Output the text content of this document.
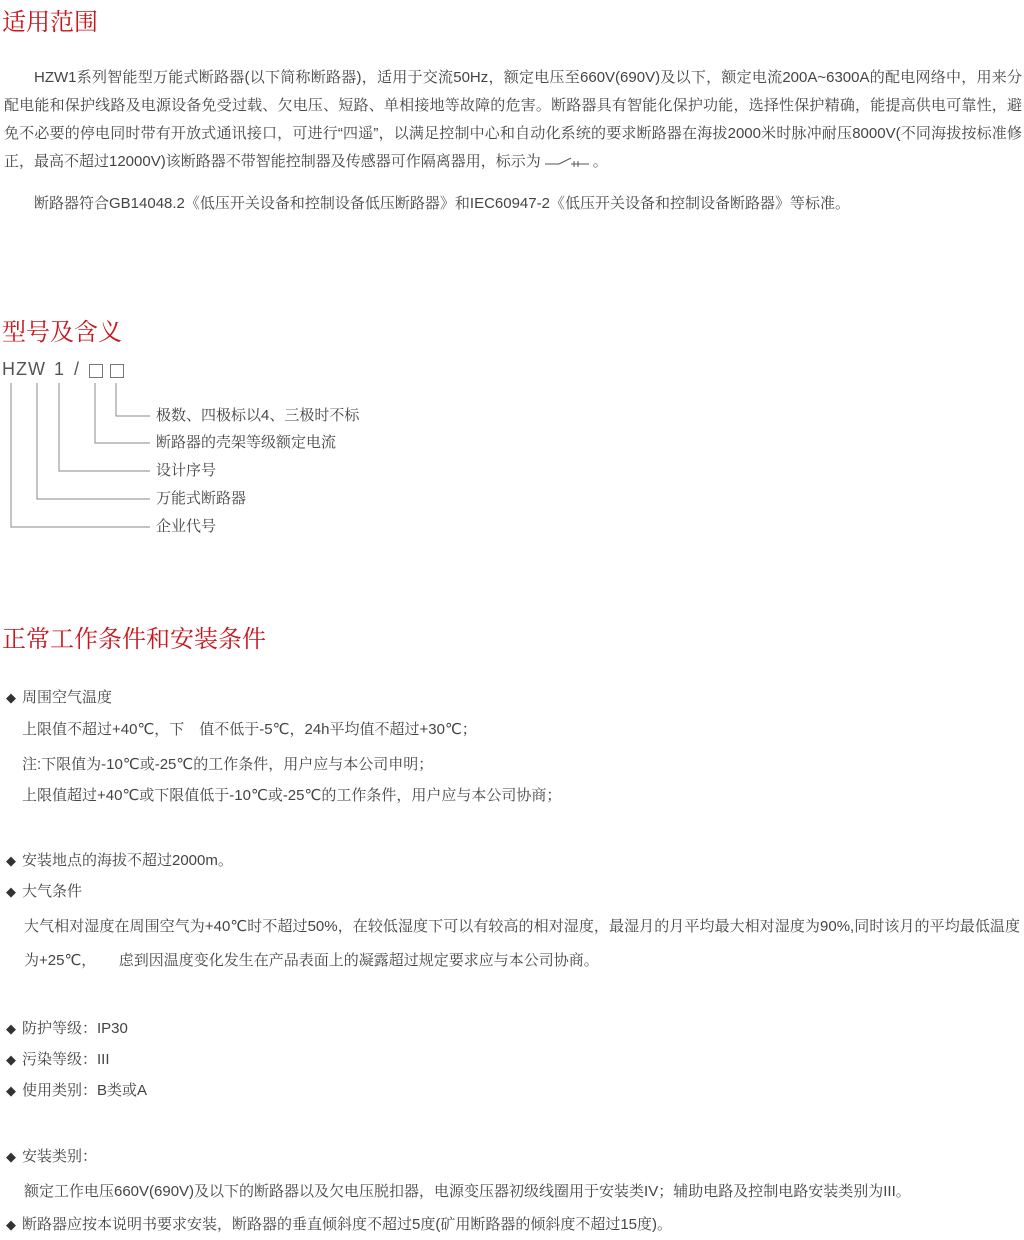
适用范围

HZW1系列智能型万能式断路器(以下简称断路器)，适用于交流50Hz，额定电压至660V(690V)及以下，额定电流200A~6300A的配电网络中，用来分配电能和保护线路及电源设备免受过载、欠电压、短路、单相接地等故障的危害。断路器具有智能化保护功能，选择性保护精确，能提高供电可靠性，避免不必要的停电同时带有开放式通讯接口，可进行“四遥”，以满足控制中心和自动化系统的要求断路器在海拔2000米时脉冲耐压8000V(不同海拔按标准修正，最高不超过12000V)该断路器不带智能控制器及传感器可作隔离器用，标示为	。

断路器符合GB14048.2《低压开关设备和控制设备低压断路器》和IEC60947-2《低压开关设备和控制设备断路器》等标准。

型号及含义
HZW 1 /
极数、四极标以4、三极时不标
断路器的壳架等级额定电流
设计序号
万能式断路器
企业代号
正常工作条件和安装条件
◆ 周围空气温度
上限值不超过+40℃，下　值不低于-5℃，24h平均值不超过+30℃；
注:下限值为-10℃或-25℃的工作条件，用户应与本公司申明；
上限值超过+40℃或下限值低于-10℃或-25℃的工作条件，用户应与本公司协商；
◆ 安装地点的海拔不超过2000m。
◆ 大气条件

大气相对湿度在周围空气为+40℃时不超过50%，在较低湿度下可以有较高的相对湿度，最湿月的月平均最大相对湿度为90%,同时该月的平均最低温度为+25℃，　　虑到因温度变化发生在产品表面上的凝露超过规定要求应与本公司协商。

◆ 防护等级：IP30
◆ 污染等级：III
◆ 使用类别：B类或A
◆ 安装类别：
额定工作电压660V(690V)及以下的断路器以及欠电压脱扣器，电源变压器初级线圈用于安装类IV；辅助电路及控制电路安装类别为III。
◆ 断路器应按本说明书要求安装，断路器的垂直倾斜度不超过5度(矿用断路器的倾斜度不超过15度)。
